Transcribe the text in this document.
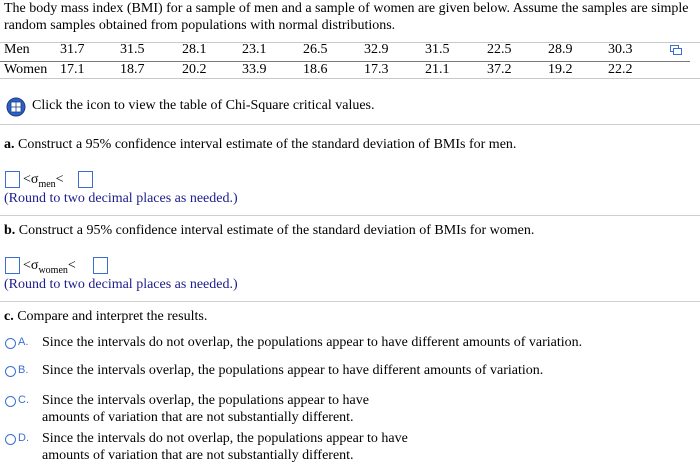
The body mass index (BMI) for a sample of men and a sample of women are given below. Assume the samples are simple random samples obtained from populations with normal distributions.
Men 31.7	31.5	28.1	23.1	26.5	32.9	31.5	22.5	28.9	30.3
Women 17.1	18.7	20.2	33.9	18.6	17.3	21.1	37.2	19.2	22.2
Click the icon to view the table of Chi-Square critical values.
a. Construct a 95% confidence interval estimate of the standard deviation of BMIs for men.
$<\sigma_{men}<$
(Round to two decimal places as needed.)
b. Construct a 95% confidence interval estimate of the standard deviation of BMIs for women.
$<\sigma_{women}<$
(Round to two decimal places as needed.)
c. Compare and interpret the results.
A. Since the intervals do not overlap, the populations appear to have different amounts of variation.
B. Since the intervals overlap, the populations appear to have different amounts of variation.
C. Since the intervals overlap, the populations appear to have
amounts of variation that are not substantially different.
D. Since the intervals do not overlap, the populations appear to have
amounts of variation that are not substantially different.
